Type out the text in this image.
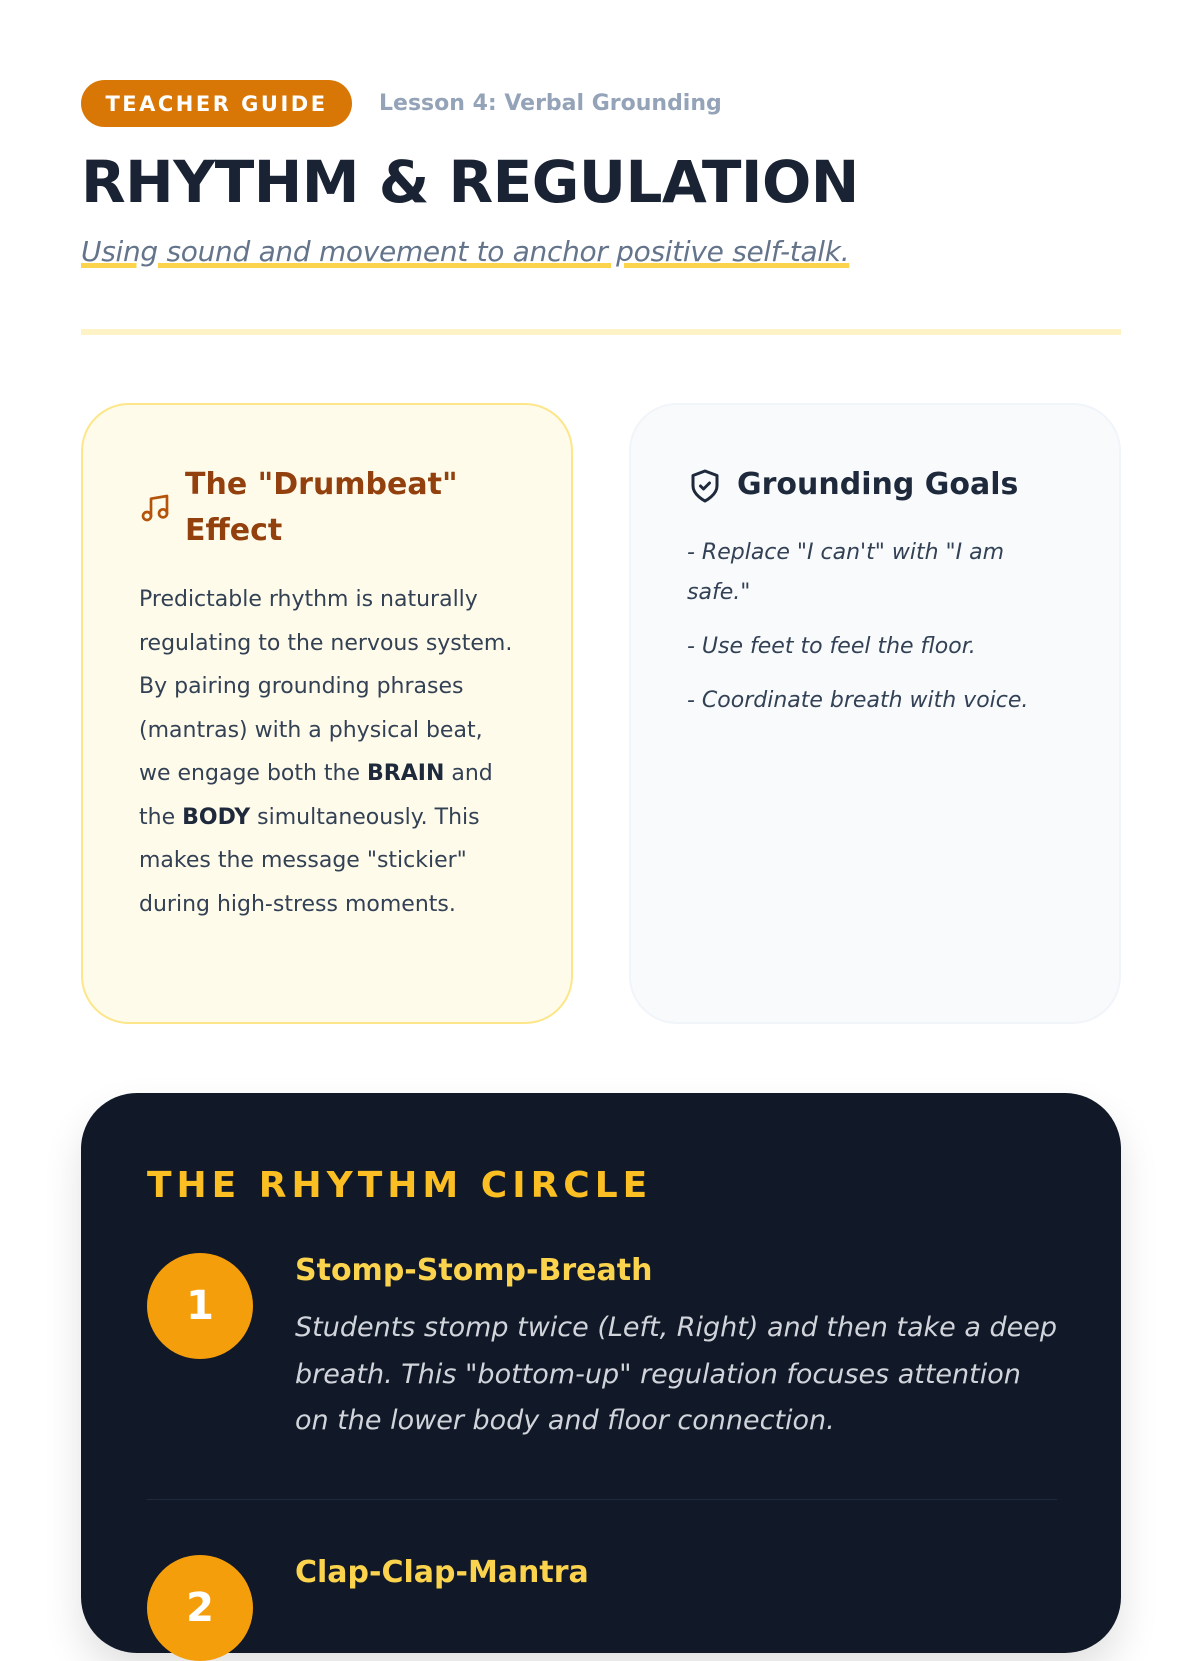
TEACHER GUIDE	Lesson 4: Verbal Grounding
RHYTHM & REGULATION
Using sound and movement to anchor positive self-talk.
The "Drumbeat" Effect

Predictable rhythm is naturally regulating to the nervous system. By pairing grounding phrases (mantras) with a physical beat, we engage both the BRAIN and the BODY simultaneously. This makes the message "stickier" during high-stress moments.

Grounding Goals
- Replace "I can't" with "I am safe."
- Use feet to feel the floor.
- Coordinate breath with voice.
THE RHYTHM CIRCLE
1
Stomp-Stomp-Breath

Students stomp twice (Left, Right) and then take a deep breath. This "bottom-up" regulation focuses attention on the lower body and floor connection.

2
Clap-Clap-Mantra
